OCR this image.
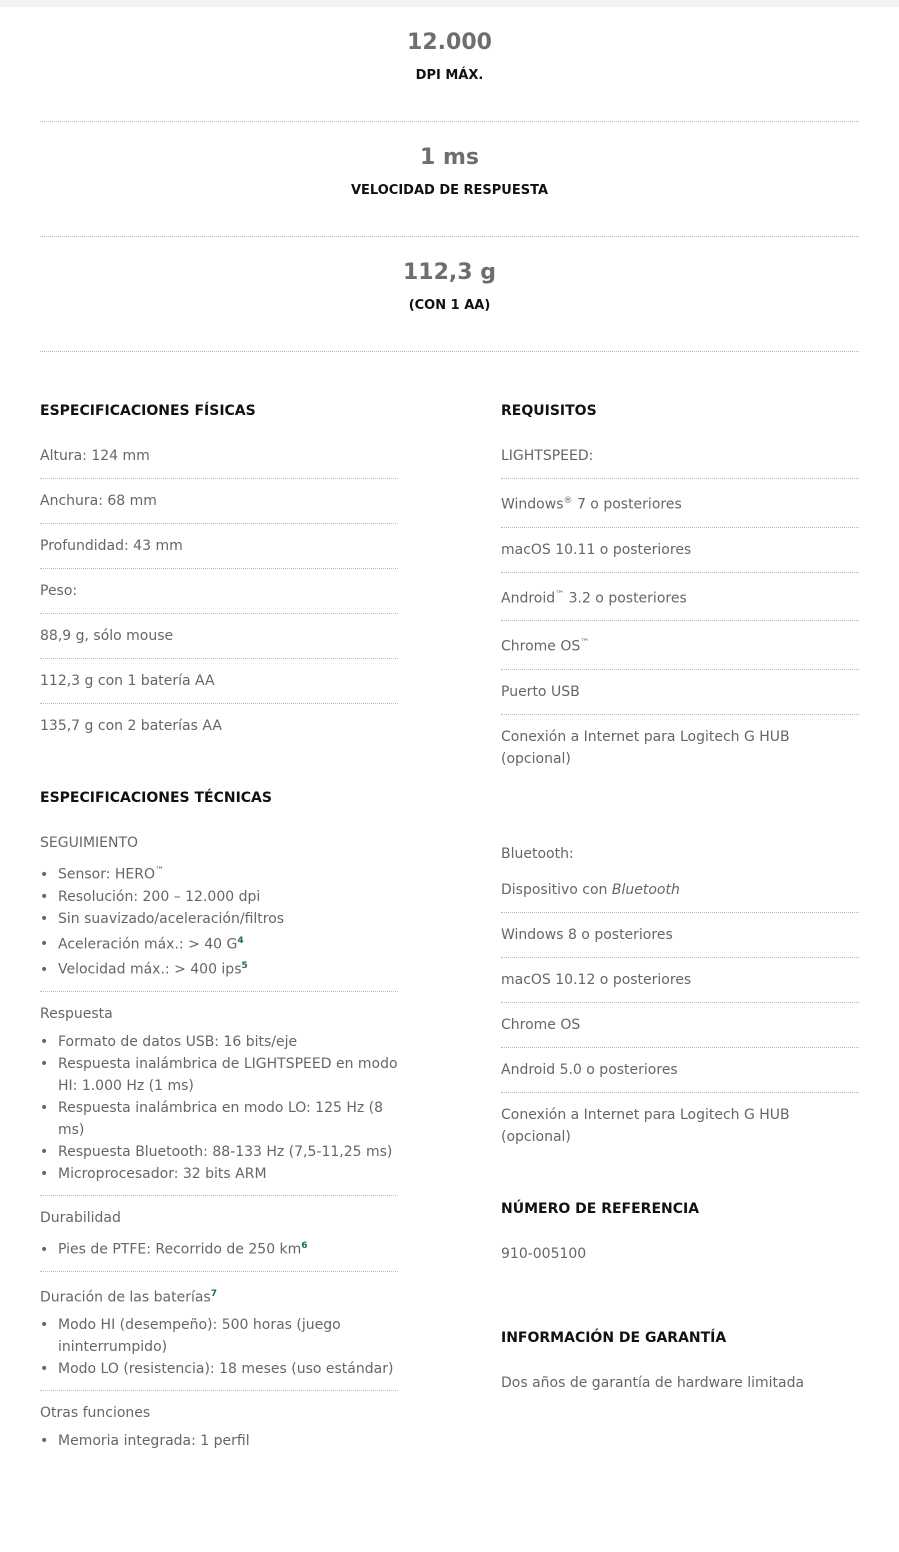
12.000
DPI MÁX.
1 ms
VELOCIDAD DE RESPUESTA
112,3 g
(CON 1 AA)
ESPECIFICACIONES FÍSICAS
Altura: 124 mm
Anchura: 68 mm
Profundidad: 43 mm
Peso:
88,9 g, sólo mouse
112,3 g con 1 batería AA
135,7 g con 2 baterías AA
ESPECIFICACIONES TÉCNICAS
SEGUIMIENTO
• Sensor: HERO™
• Resolución: 200 – 12.000 dpi
• Sin suavizado/aceleración/filtros
• Aceleración máx.: > 40 G$^4$
• Velocidad máx.: > 400 ips$^5$
Respuesta
• Formato de datos USB: 16 bits/eje
• Respuesta inalámbrica de LIGHTSPEED en modo HI: 1.000 Hz (1 ms)
• Respuesta inalámbrica en modo LO: 125 Hz (8 ms)
• Respuesta Bluetooth: 88-133 Hz (7,5-11,25 ms)
• Microprocesador: 32 bits ARM
Durabilidad
• Pies de PTFE: Recorrido de 250 km$^6$
Duración de las baterías$^7$
• Modo HI (desempeño): 500 horas (juego ininterrumpido)
• Modo LO (resistencia): 18 meses (uso estándar)
Otras funciones
• Memoria integrada: 1 perfil
REQUISITOS
LIGHTSPEED:
Windows® 7 o posteriores
macOS 10.11 o posteriores
Android™ 3.2 o posteriores
Chrome OS™
Puerto USB
Conexión a Internet para Logitech G HUB (opcional)
Bluetooth:
Dispositivo con Bluetooth
Windows 8 o posteriores
macOS 10.12 o posteriores
Chrome OS
Android 5.0 o posteriores
Conexión a Internet para Logitech G HUB (opcional)
NÚMERO DE REFERENCIA
910-005100
INFORMACIÓN DE GARANTÍA
Dos años de garantía de hardware limitada
